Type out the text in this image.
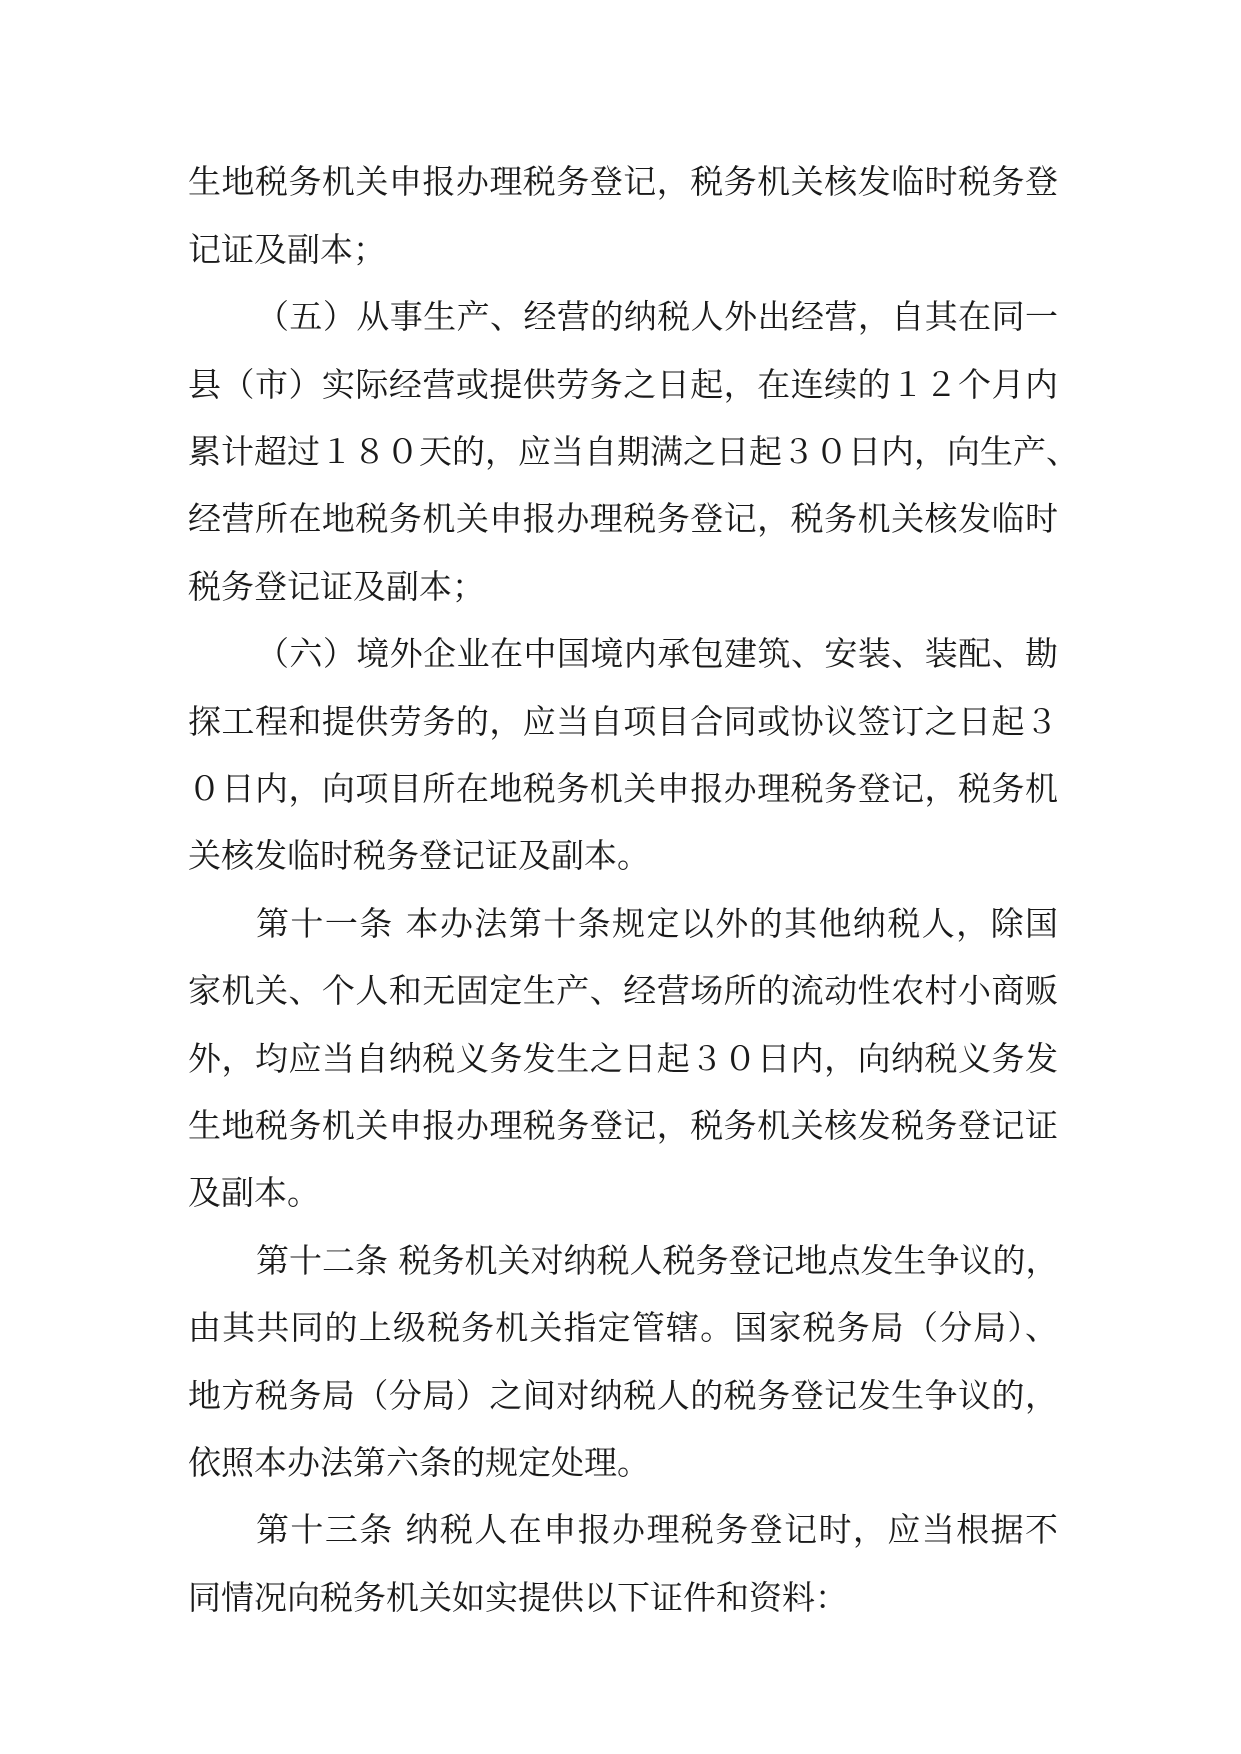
生地税务机关申报办理税务登记，税务机关核发临时税务登
记证及副本；
（五）从事生产、经营的纳税人外出经营，自其在同一
县（市）实际经营或提供劳务之日起，在连续的１２个月内
累计超过１８０天的，应当自期满之日起３０日内，向生产、
经营所在地税务机关申报办理税务登记，税务机关核发临时
税务登记证及副本；
（六）境外企业在中国境内承包建筑、安装、装配、勘
探工程和提供劳务的，应当自项目合同或协议签订之日起３
０日内，向项目所在地税务机关申报办理税务登记，税务机
关核发临时税务登记证及副本。
第十一条 本办法第十条规定以外的其他纳税人，除国
家机关、个人和无固定生产、经营场所的流动性农村小商贩
外，均应当自纳税义务发生之日起３０日内，向纳税义务发
生地税务机关申报办理税务登记，税务机关核发税务登记证
及副本。
第十二条 税务机关对纳税人税务登记地点发生争议的，
由其共同的上级税务机关指定管辖。国家税务局（分局）、
地方税务局（分局）之间对纳税人的税务登记发生争议的，
依照本办法第六条的规定处理。
第十三条 纳税人在申报办理税务登记时，应当根据不
同情况向税务机关如实提供以下证件和资料：
